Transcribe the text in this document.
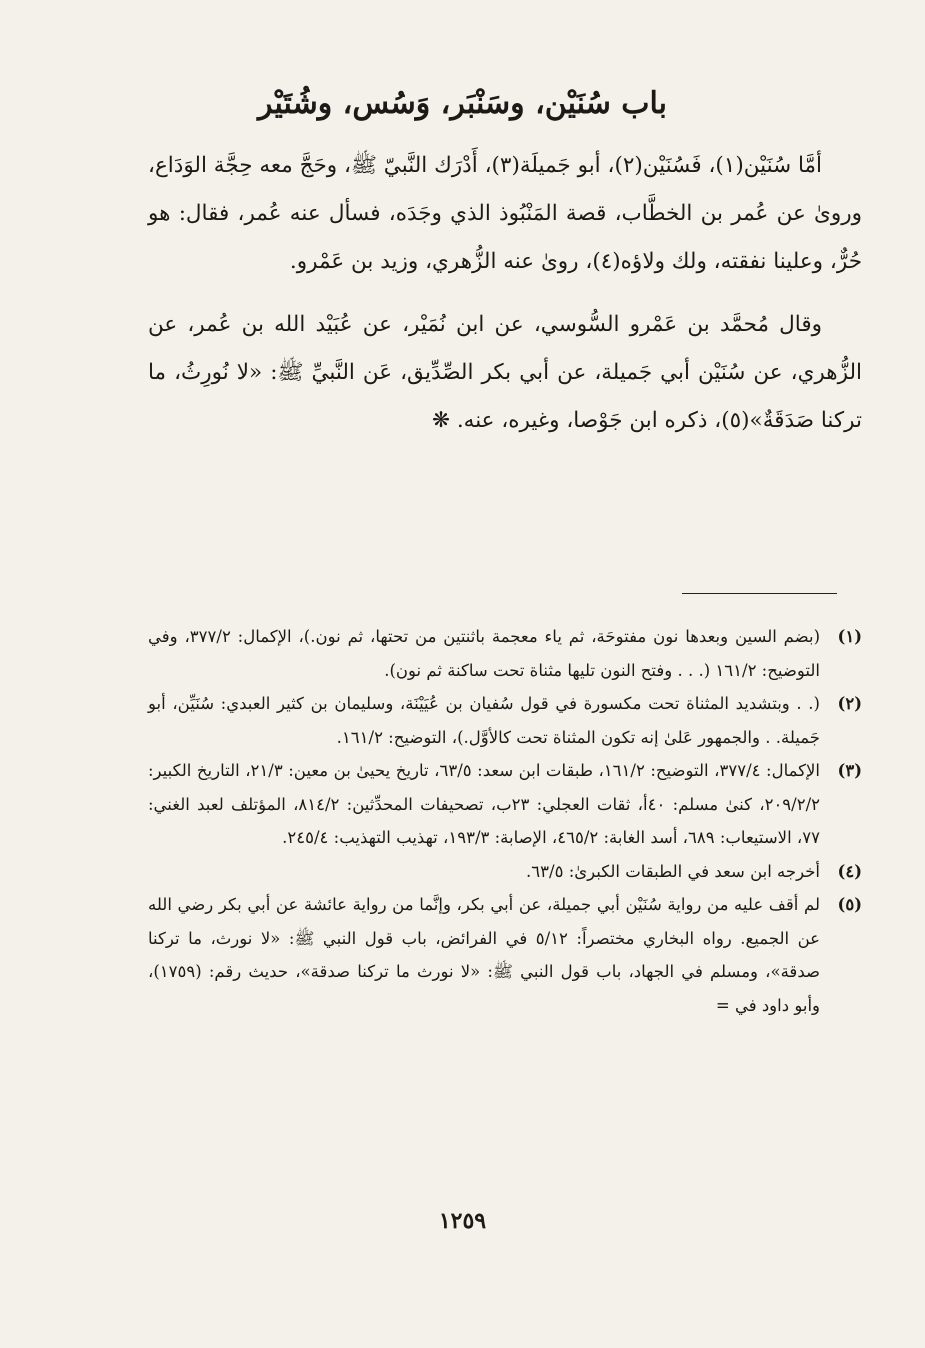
باب سُنَيْن، وسَنْبَر، وَسُس، وشُتَيْر

أمَّا سُنَيْن(١)، فَسُنَيْن(٢)، أبو جَميلَة(٣)، أَدْرَك النَّبيّ ﷺ، وحَجَّ معه حِجَّة الوَدَاع، وروىٰ عن عُمر بن الخطَّاب، قصة المَنْبُوذ الذي وجَدَه، فسأل عنه عُمر، فقال: هو حُرٌّ، وعلينا نفقته، ولك ولاؤه(٤)، روىٰ عنه الزُّهري، وزيد بن عَمْرو.

وقال مُحمَّد بن عَمْرو السُّوسي، عن ابن نُمَيْر، عن عُبَيْد الله بن عُمر، عن الزُّهري، عن سُنَيْن أبي جَميلة، عن أبي بكر الصِّدِّيق، عَن النَّبيِّ ﷺ: «لا نُورِثُ، ما تركنا صَدَقَةٌ»(٥)، ذكره ابن جَوْصا، وغيره، عنه. ❋

(١)
(بضم السين وبعدها نون مفتوحَة، ثم ياء معجمة باثنتين من تحتها، ثم نون.)، الإكمال: ٣٧٧/٢، وفي التوضيح: ١٦١/٢ (. . . وفتح النون تليها مثناة تحت ساكنة ثم نون).
(٢)
(. . وبتشديد المثناة تحت مكسورة في قول سُفيان بن عُيَيْنَة، وسليمان بن كثير العبدي: سُنَيِّن، أبو جَميلة. . والجمهور عَلىٰ إنه تكون المثناة تحت كالأوَّل.)، التوضيح: ١٦١/٢.
(٣)
الإكمال: ٣٧٧/٤، التوضيح: ١٦١/٢، طبقات ابن سعد: ٦٣/٥، تاريخ يحيىٰ بن معين: ٢١/٣، التاريخ الكبير: ٢٠٩/٢/٢، كنىٰ مسلم: ٤٠أ، ثقات العجلي: ٢٣ب، تصحيفات المحدِّثين: ٨١٤/٢، المؤتلف لعبد الغني: ٧٧، الاستيعاب: ٦٨٩، أسد الغابة: ٤٦٥/٢، الإصابة: ١٩٣/٣، تهذيب التهذيب: ٢٤٥/٤.
(٤)
أخرجه ابن سعد في الطبقات الكبرىٰ: ٦٣/٥.
(٥)
لم أقف عليه من رواية سُنَيْن أبي جميلة، عن أبي بكر، وإنَّما من رواية عائشة عن أبي بكر رضي الله عن الجميع. رواه البخاري مختصراً: ٥/١٢ في الفرائض، باب قول النبي ﷺ: «لا نورث، ما تركنا صدقة»، ومسلم في الجهاد، باب قول النبي ﷺ: «لا نورث ما تركنا صدقة»، حديث رقم: (١٧٥٩)، وأبو داود في =
١٢٥٩
